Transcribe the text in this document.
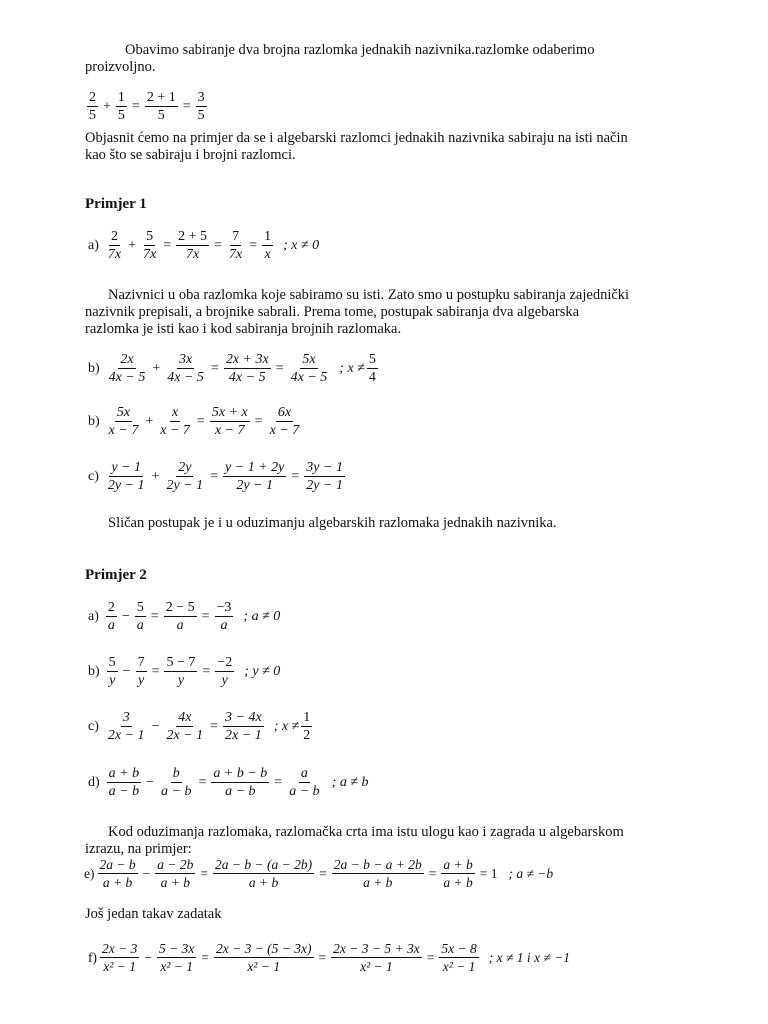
Obavimo sabiranje dva brojna razlomka jednakih nazivnika.razlomke odaberimo
proizvoljno.
$\frac{2}{5} + \frac{1}{5} = \frac{2 + 1}{5} = \frac{3}{5}$
Objasnit ćemo na primjer da se i algebarski razlomci jednakih nazivnika sabiraju na isti način
kao što se sabiraju i brojni razlomci.
Primjer 1
$a) \frac{2}{7x} + \frac{5}{7x} = \frac{2 + 5}{7x} = \frac{7}{7x} = \frac{1}{x}$ ; x ≠ 0
Nazivnici u oba razlomka koje sabiramo su isti. Zato smo u postupku sabiranja zajednički
nazivnik prepisali, a brojnike sabrali. Prema tome, postupak sabiranja dva algebarska
razlomka je isti kao i kod sabiranja brojnih razlomaka.
$b) \frac{2x}{4x - 5} + \frac{3x}{4x - 5} = \frac{2x + 3x}{4x - 5} = \frac{5x}{4x - 5}$ ; $x \ne \frac{5}{4}$
$b) \frac{5x}{x - 7} + \frac{x}{x - 7} = \frac{5x + x}{x - 7} = \frac{6x}{x - 7}$
$c) \frac{y - 1}{2y - 1} + \frac{2y}{2y - 1} = \frac{y - 1 + 2y}{2y - 1} = \frac{3y - 1}{2y - 1}$
Sličan postupak je i u oduzimanju algebarskih razlomaka jednakih nazivnika.
Primjer 2
$a) \frac{2}{a} - \frac{5}{a} = \frac{2 - 5}{a} = \frac{-3}{a}$ ; a ≠ 0
$b) \frac{5}{y} - \frac{7}{y} = \frac{5 - 7}{y} = \frac{-2}{y}$ ; y ≠ 0
$c) \frac{3}{2x - 1} - \frac{4x}{2x - 1} = \frac{3 - 4x}{2x - 1}$ ; $x \ne \frac{1}{2}$
$d) \frac{a + b}{a - b} - \frac{b}{a - b} = \frac{a + b - b}{a - b} = \frac{a}{a - b}$ ; a ≠ b
Kod oduzimanja razlomaka, razlomačka crta ima istu ulogu kao i zagrada u algebarskom
izrazu, na primjer:
$e) \frac{2a - b}{a + b} - \frac{a - 2b}{a + b} = \frac{2a - b - (a - 2b)}{a + b} = \frac{2a - b - a + 2b}{a + b} = \frac{a + b}{a + b} = 1$ ; a ≠ −b
Još jedan takav zadatak
$f) \frac{2x - 3}{\text{x² − 1}} - \frac{5 - 3x}{\text{x² − 1}} = \frac{2x - 3 - (5 - 3x)}{\text{x² − 1}} = \frac{2x - 3 - 5 + 3x}{\text{x² − 1}} = \frac{5x - 8}{\text{x² − 1}}$ ; x ≠ 1 i x ≠ −1
